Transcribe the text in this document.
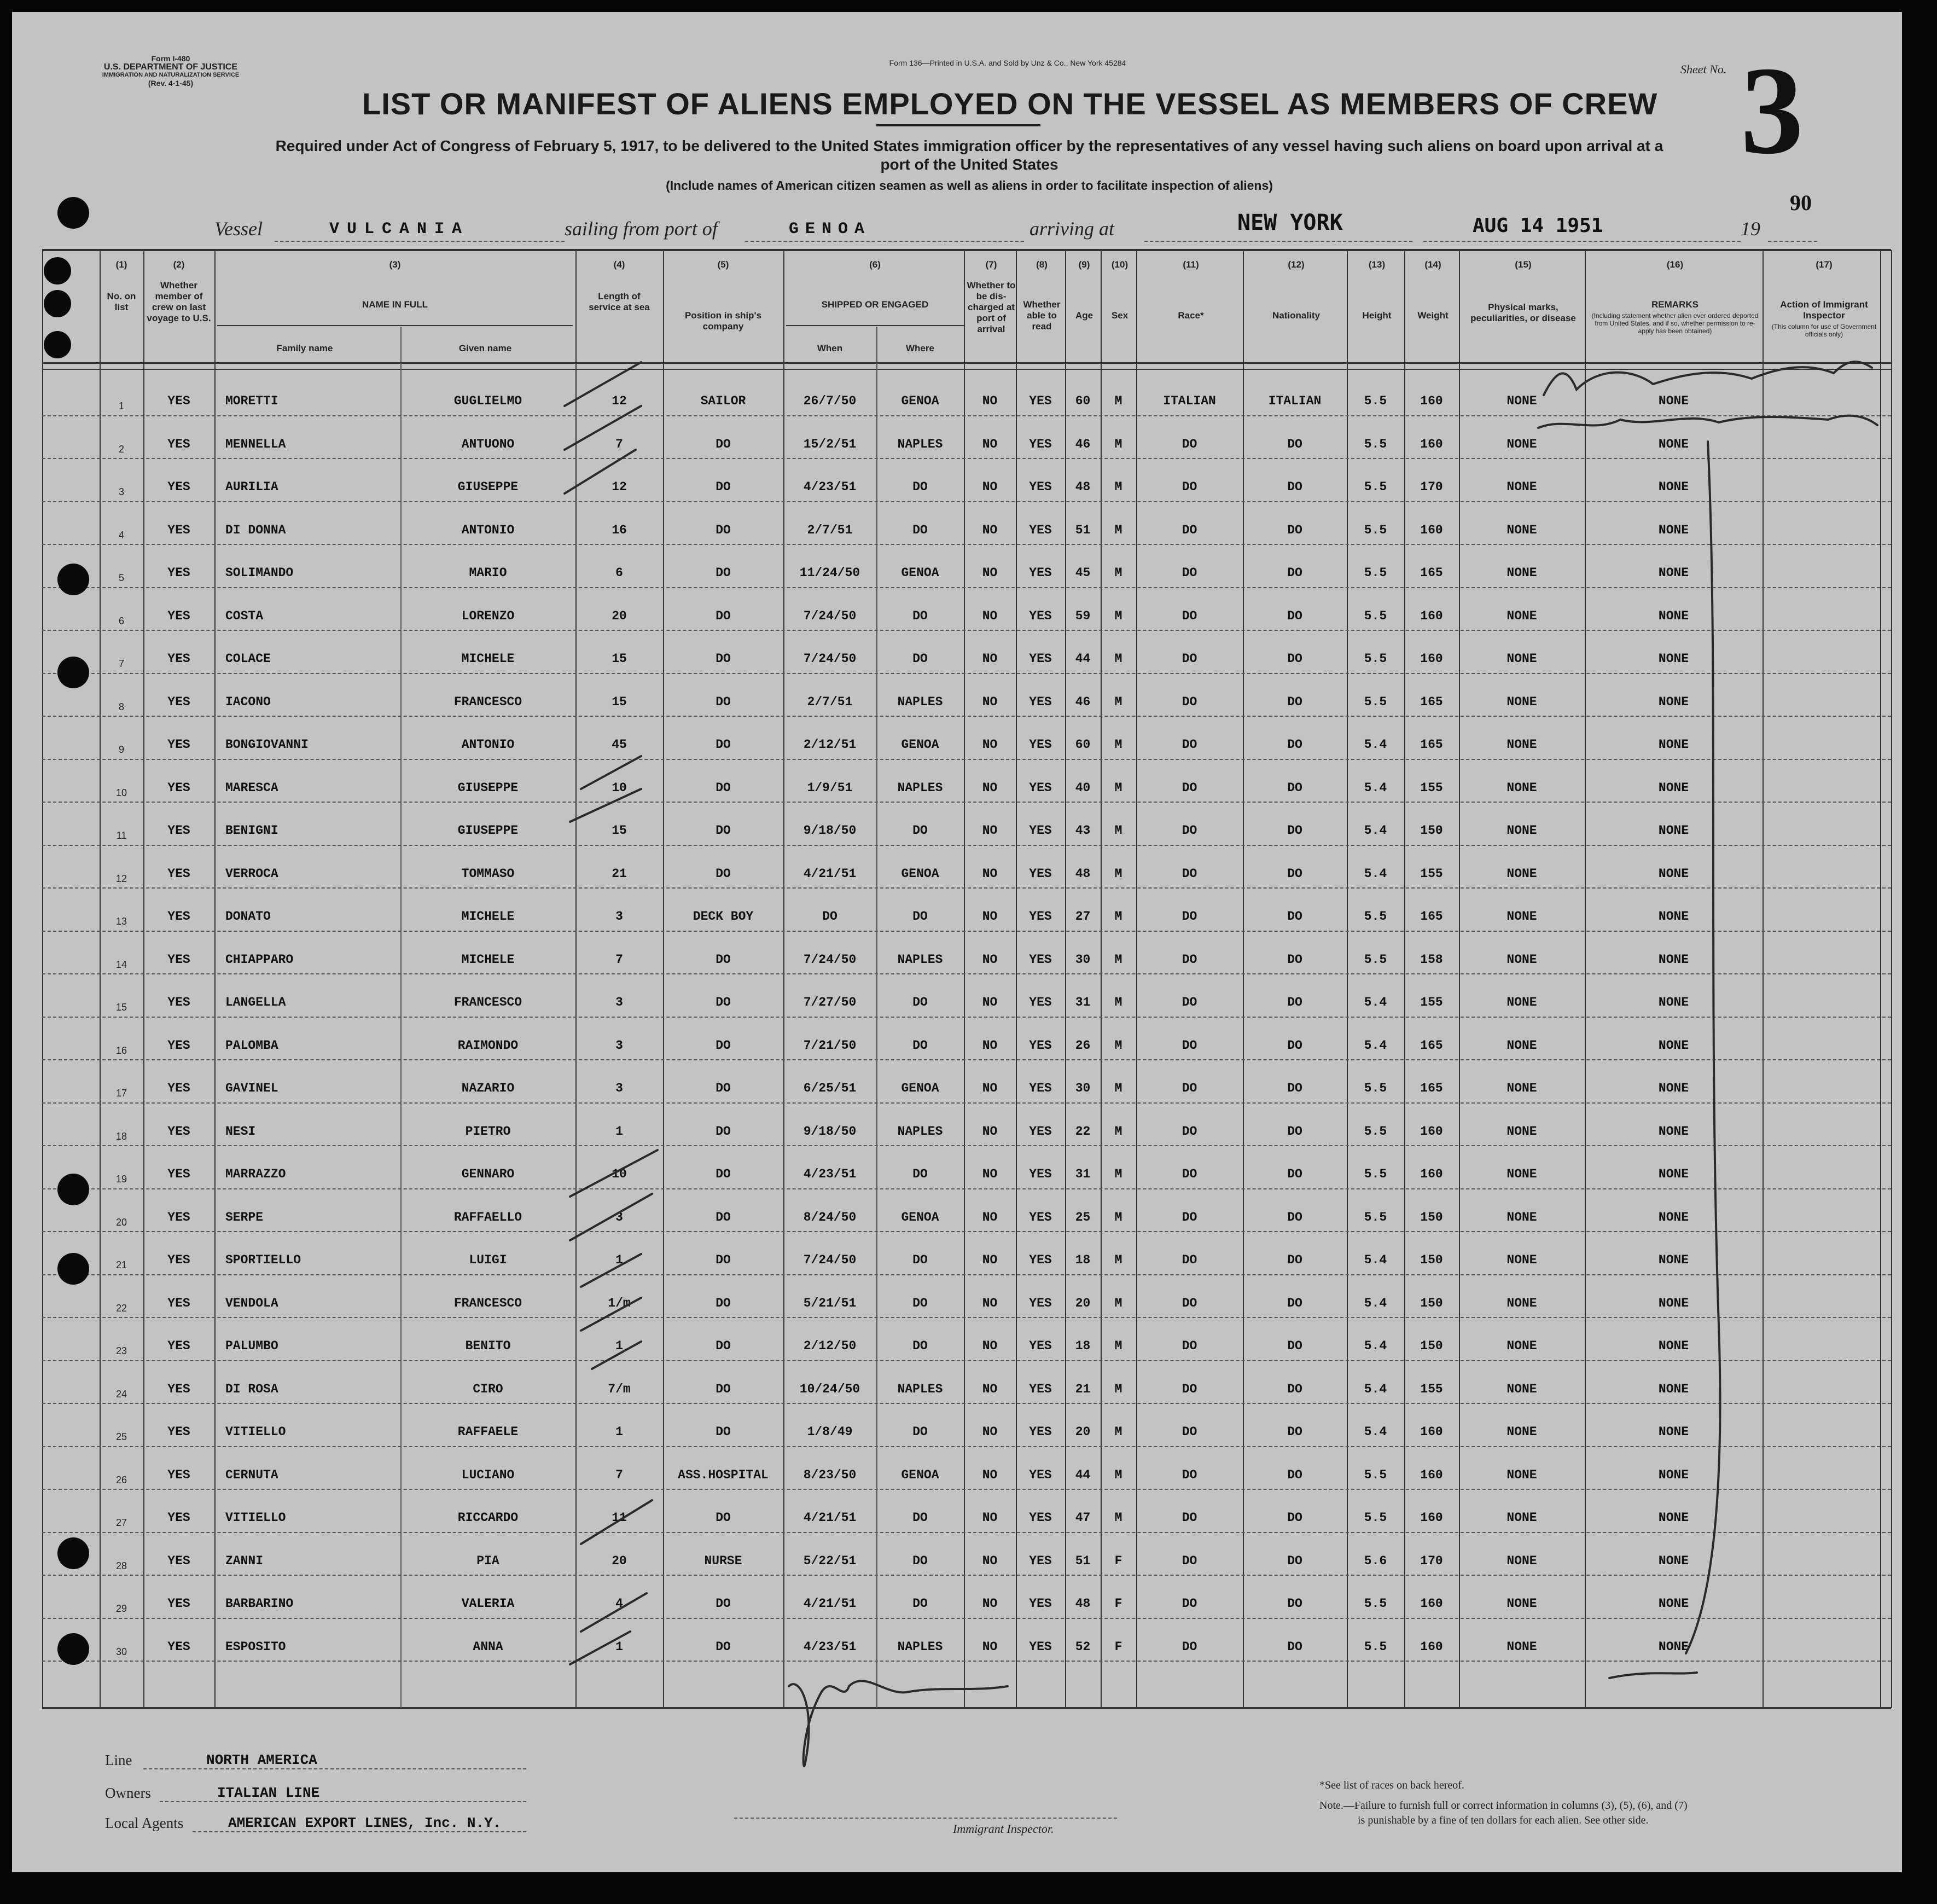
Form I-480
U.S. DEPARTMENT OF JUSTICE
IMMIGRATION AND NATURALIZATION SERVICE
(Rev. 4-1-45)
Form 136—Printed in U.S.A. and Sold by Unz & Co., New York 45284	Sheet No. 3
LIST OR MANIFEST OF ALIENS EMPLOYED ON THE VESSEL AS MEMBERS OF CREW
Required under Act of Congress of February 5, 1917, to be delivered to the United States immigration officer by the representatives of any vessel having such aliens on board upon arrival at a
port of the United States
(Include names of American citizen seamen as well as aliens in order to facilitate inspection of aliens)
90
Vessel	VULCANIA	sailing from port of	GENOA	arriving at	NEW YORK	AUG 14 1951	19
(1)
No. on list
(2)
Whether member of crew on last voyage to U.S.
(3)
NAME IN FULL
Family name	Given name
(4)
Length of service at sea
(5)
Position in ship's company
(6)
SHIPPED OR ENGAGED
When	Where
(7)
Whether to be dis-charged at port of arrival
(8)
Whether able to read
(9)
Age
(10)
Sex
(11)
Race*
(12)
Nationality
(13)
Height
(14)
Weight
(15)
Physical marks, peculiarities, or disease
(16)
REMARKS
(Including statement whether alien ever ordered deported from United States, and if so, whether permission to re-apply has been obtained)
(17)
Action of Immigrant Inspector
(This column for use of Government officials only)
1	YES	MORETTI	GUGLIELMO	12	SAILOR	26/7/50	GENOA	NO	YES	60	M	ITALIAN	ITALIAN	5.5	160	NONE	NONE
2	YES	MENNELLA	ANTUONO	7	DO	15/2/51	NAPLES	NO	YES	46	M	DO	DO	5.5	160	NONE	NONE
3	YES	AURILIA	GIUSEPPE	12	DO	4/23/51	DO	NO	YES	48	M	DO	DO	5.5	170	NONE	NONE
4	YES	DI DONNA	ANTONIO	16	DO	2/7/51	DO	NO	YES	51	M	DO	DO	5.5	160	NONE	NONE
5	YES	SOLIMANDO	MARIO	6	DO	11/24/50	GENOA	NO	YES	45	M	DO	DO	5.5	165	NONE	NONE
6	YES	COSTA	LORENZO	20	DO	7/24/50	DO	NO	YES	59	M	DO	DO	5.5	160	NONE	NONE
7	YES	COLACE	MICHELE	15	DO	7/24/50	DO	NO	YES	44	M	DO	DO	5.5	160	NONE	NONE
8	YES	IACONO	FRANCESCO	15	DO	2/7/51	NAPLES	NO	YES	46	M	DO	DO	5.5	165	NONE	NONE
9	YES	BONGIOVANNI	ANTONIO	45	DO	2/12/51	GENOA	NO	YES	60	M	DO	DO	5.4	165	NONE	NONE
10	YES	MARESCA	GIUSEPPE	10	DO	1/9/51	NAPLES	NO	YES	40	M	DO	DO	5.4	155	NONE	NONE
11	YES	BENIGNI	GIUSEPPE	15	DO	9/18/50	DO	NO	YES	43	M	DO	DO	5.4	150	NONE	NONE
12	YES	VERROCA	TOMMASO	21	DO	4/21/51	GENOA	NO	YES	48	M	DO	DO	5.4	155	NONE	NONE
13	YES	DONATO	MICHELE	3	DECK BOY	DO	DO	NO	YES	27	M	DO	DO	5.5	165	NONE	NONE
14	YES	CHIAPPARO	MICHELE	7	DO	7/24/50	NAPLES	NO	YES	30	M	DO	DO	5.5	158	NONE	NONE
15	YES	LANGELLA	FRANCESCO	3	DO	7/27/50	DO	NO	YES	31	M	DO	DO	5.4	155	NONE	NONE
16	YES	PALOMBA	RAIMONDO	3	DO	7/21/50	DO	NO	YES	26	M	DO	DO	5.4	165	NONE	NONE
17	YES	GAVINEL	NAZARIO	3	DO	6/25/51	GENOA	NO	YES	30	M	DO	DO	5.5	165	NONE	NONE
18	YES	NESI	PIETRO	1	DO	9/18/50	NAPLES	NO	YES	22	M	DO	DO	5.5	160	NONE	NONE
19	YES	MARRAZZO	GENNARO	10	DO	4/23/51	DO	NO	YES	31	M	DO	DO	5.5	160	NONE	NONE
20	YES	SERPE	RAFFAELLO	3	DO	8/24/50	GENOA	NO	YES	25	M	DO	DO	5.5	150	NONE	NONE
21	YES	SPORTIELLO	LUIGI	1	DO	7/24/50	DO	NO	YES	18	M	DO	DO	5.4	150	NONE	NONE
22	YES	VENDOLA	FRANCESCO	1/m	DO	5/21/51	DO	NO	YES	20	M	DO	DO	5.4	150	NONE	NONE
23	YES	PALUMBO	BENITO	1	DO	2/12/50	DO	NO	YES	18	M	DO	DO	5.4	150	NONE	NONE
24	YES	DI ROSA	CIRO	7/m	DO	10/24/50	NAPLES	NO	YES	21	M	DO	DO	5.4	155	NONE	NONE
25	YES	VITIELLO	RAFFAELE	1	DO	1/8/49	DO	NO	YES	20	M	DO	DO	5.4	160	NONE	NONE
26	YES	CERNUTA	LUCIANO	7	ASS.HOSPITAL	8/23/50	GENOA	NO	YES	44	M	DO	DO	5.5	160	NONE	NONE
27	YES	VITIELLO	RICCARDO	11	DO	4/21/51	DO	NO	YES	47	M	DO	DO	5.5	160	NONE	NONE
28	YES	ZANNI	PIA	20	NURSE	5/22/51	DO	NO	YES	51	F	DO	DO	5.6	170	NONE	NONE
29	YES	BARBARINO	VALERIA	4	DO	4/21/51	DO	NO	YES	48	F	DO	DO	5.5	160	NONE	NONE
30	YES	ESPOSITO	ANNA	1	DO	4/23/51	NAPLES	NO	YES	52	F	DO	DO	5.5	160	NONE	NONE
Line	NORTH AMERICA
Owners	ITALIAN LINE
Local Agents	AMERICAN EXPORT LINES, Inc. N.Y.	Immigrant Inspector.
*See list of races on back hereof.
Note.—Failure to furnish full or correct information in columns (3), (5), (6), and (7)
is punishable by a fine of ten dollars for each alien. See other side.
